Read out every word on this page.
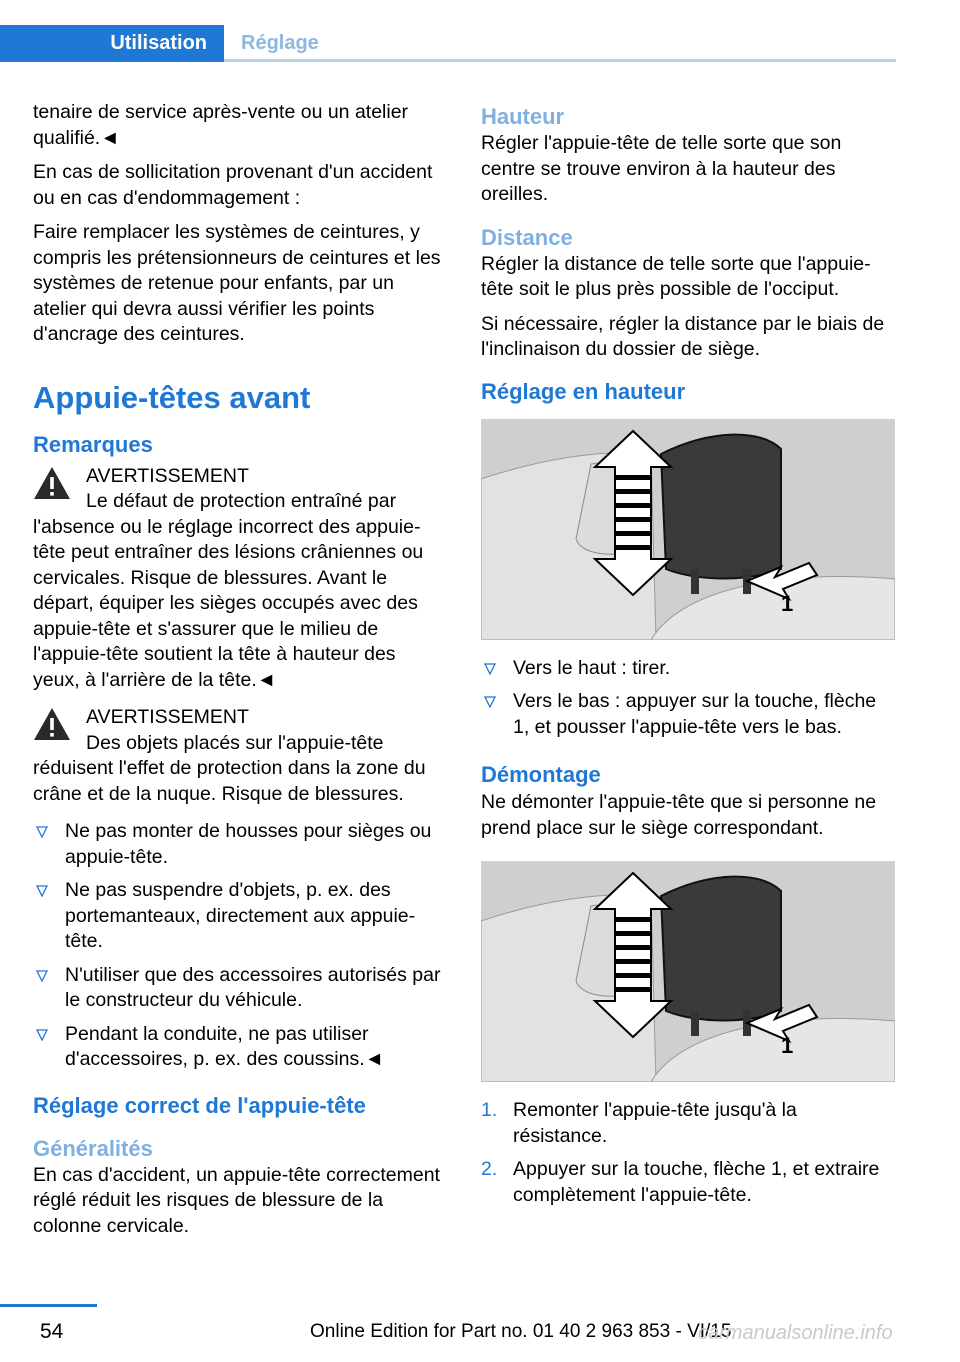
Utilisation	Réglage

tenaire de service après-vente ou un atelier qualifié.◄

En cas de sollicitation provenant d'un accident ou en cas d'endommagement :

Faire remplacer les systèmes de ceintures, y compris les prétensionneurs de ceintures et les systèmes de retenue pour enfants, par un atelier qui devra aussi vérifier les points d'ancrage des ceintures.

Appuie-têtes avant
Remarques
AVERTISSEMENT
Le défaut de protection entraîné par l'absence ou le réglage incorrect des appuie-tête peut entraîner des lésions crâniennes ou cervicales. Risque de blessures. Avant le départ, équiper les sièges occupés avec des appuie-tête et s'assurer que le milieu de l'appuie-tête soutient la tête à hauteur des yeux, à l'arrière de la tête.◄
AVERTISSEMENT
Des objets placés sur l'appuie-tête réduisent l'effet de protection dans la zone du crâne et de la nuque. Risque de blessures.
Ne pas monter de housses pour sièges ou appuie-tête.
Ne pas suspendre d'objets, p. ex. des portemanteaux, directement aux appuie-tête.
N'utiliser que des accessoires autorisés par le constructeur du véhicule.
Pendant la conduite, ne pas utiliser d'accessoires, p. ex. des coussins.◄
Réglage correct de l'appuie-tête
Généralités

En cas d'accident, un appuie-tête correctement réglé réduit les risques de blessure de la colonne cervicale.

Hauteur

Régler l'appuie-tête de telle sorte que son centre se trouve environ à la hauteur des oreilles.

Distance

Régler la distance de telle sorte que l'appuie-tête soit le plus près possible de l'occiput.

Si nécessaire, régler la distance par le biais de l'inclinaison du dossier de siège.

Réglage en hauteur
1
Vers le haut : tirer.
Vers le bas : appuyer sur la touche, flèche 1, et pousser l'appuie-tête vers le bas.
Démontage

Ne démonter l'appuie-tête que si personne ne prend place sur le siège correspondant.

1
1. Remonter l'appuie-tête jusqu'à la résistance.
2. Appuyer sur la touche, flèche 1, et extraire complètement l'appuie-tête.
54	Online Edition for Part no. 01 40 2 963 853 - VI/15
carmanualsonline.info
